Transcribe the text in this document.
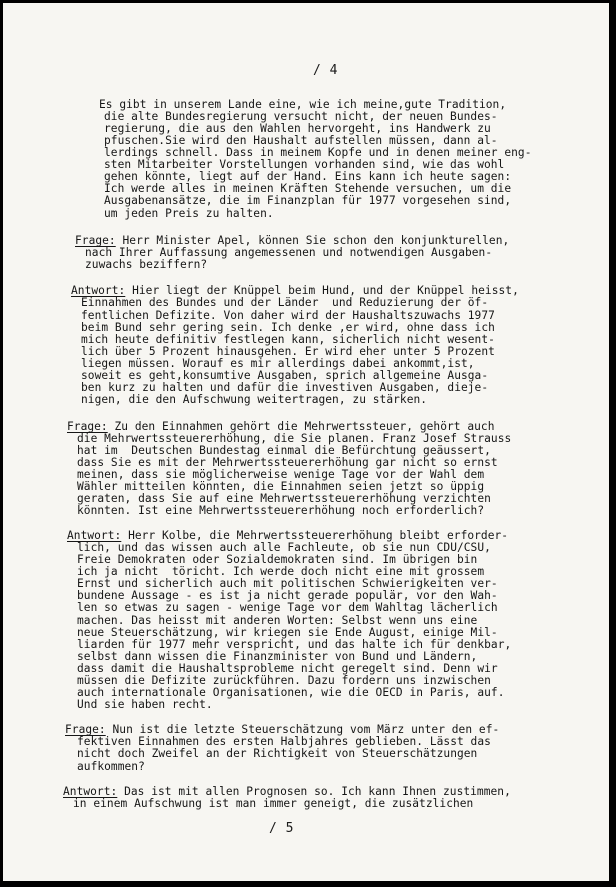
/ 4
Es gibt in unserem Lande eine, wie ich meine,gute Tradition,
die alte Bundesregierung versucht nicht, der neuen Bundes-
regierung, die aus den Wahlen hervorgeht, ins Handwerk zu
pfuschen.Sie wird den Haushalt aufstellen müssen, dann al-
lerdings schnell. Dass in meinem Kopfe und in denen meiner eng-
sten Mitarbeiter Vorstellungen vorhanden sind, wie das wohl
gehen könnte, liegt auf der Hand. Eins kann ich heute sagen:
Ich werde alles in meinen Kräften Stehende versuchen, um die
Ausgabenansätze, die im Finanzplan für 1977 vorgesehen sind,
um jeden Preis zu halten.
Frage: Herr Minister Apel, können Sie schon den konjunkturellen,
nach Ihrer Auffassung angemessenen und notwendigen Ausgaben-
zuwachs beziffern?
Antwort: Hier liegt der Knüppel beim Hund, und der Knüppel heisst,
Einnahmen des Bundes und der Länder  und Reduzierung der öf-
fentlichen Defizite. Von daher wird der Haushaltszuwachs 1977
beim Bund sehr gering sein. Ich denke ,er wird, ohne dass ich
mich heute definitiv festlegen kann, sicherlich nicht wesent-
lich über 5 Prozent hinausgehen. Er wird eher unter 5 Prozent
liegen müssen. Worauf es mir allerdings dabei ankommt,ist,
soweit es geht,konsumtive Ausgaben, sprich allgemeine Ausga-
ben kurz zu halten und dafür die investiven Ausgaben, dieje-
nigen, die den Aufschwung weitertragen, zu stärken.
Frage: Zu den Einnahmen gehört die Mehrwertssteuer, gehört auch
die Mehrwertssteuererhöhung, die Sie planen. Franz Josef Strauss
hat im  Deutschen Bundestag einmal die Befürchtung geäussert,
dass Sie es mit der Mehrwertssteuererhöhung gar nicht so ernst
meinen, dass sie möglicherweise wenige Tage vor der Wahl dem
Wähler mitteilen könnten, die Einnahmen seien jetzt so üppig
geraten, dass Sie auf eine Mehrwertssteuererhöhung verzichten
könnten. Ist eine Mehrwertssteuererhöhung noch erforderlich?
Antwort: Herr Kolbe, die Mehrwertssteuererhöhung bleibt erforder-
lich, und das wissen auch alle Fachleute, ob sie nun CDU/CSU,
Freie Demokraten oder Sozialdemokraten sind. Im übrigen bin
ich ja nicht  töricht. Ich werde doch nicht eine mit grossem
Ernst und sicherlich auch mit politischen Schwierigkeiten ver-
bundene Aussage - es ist ja nicht gerade populär, vor den Wah-
len so etwas zu sagen - wenige Tage vor dem Wahltag lächerlich
machen. Das heisst mit anderen Worten: Selbst wenn uns eine
neue Steuerschätzung, wir kriegen sie Ende August, einige Mil-
liarden für 1977 mehr verspricht, und das halte ich für denkbar,
selbst dann wissen die Finanzminister von Bund und Ländern,
dass damit die Haushaltsprobleme nicht geregelt sind. Denn wir
müssen die Defizite zurückführen. Dazu fordern uns inzwischen
auch internationale Organisationen, wie die OECD in Paris, auf.
Und sie haben recht.
Frage: Nun ist die letzte Steuerschätzung vom März unter den ef-
fektiven Einnahmen des ersten Halbjahres geblieben. Lässt das
nicht doch Zweifel an der Richtigkeit von Steuerschätzungen
aufkommen?
Antwort: Das ist mit allen Prognosen so. Ich kann Ihnen zustimmen,
in einem Aufschwung ist man immer geneigt, die zusätzlichen
/ 5
